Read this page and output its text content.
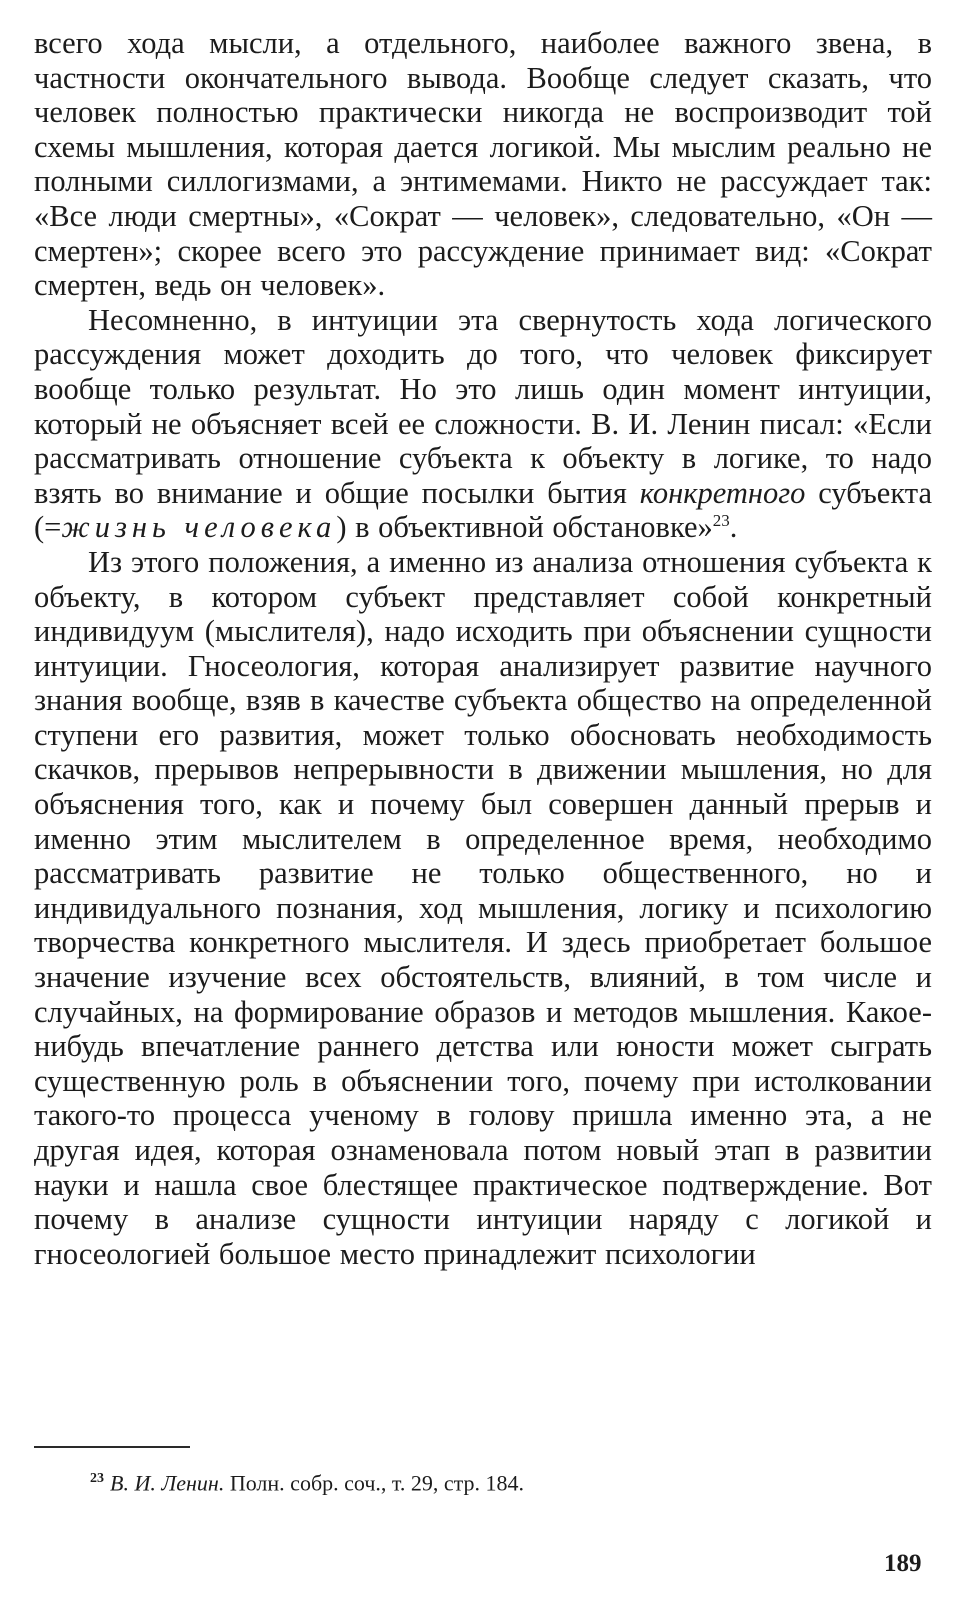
всего хода мысли, а отдельного, наиболее важного звена, в частности окончательного вывода. Вообще следует сказать, что человек полностью практически никогда не воспроизводит той схемы мышления, которая дается логикой. Мы мыслим реально не полными силлогизмами, а энтимемами. Никто не рассуждает так: «Все люди смертны», «Сократ — человек», следовательно, «Он — смертен»; скорее всего это рассуждение принимает вид: «Сократ смертен, ведь он человек».

Несомненно, в интуиции эта свернутость хода логического рассуждения может доходить до того, что человек фиксирует вообще только результат. Но это лишь один момент интуиции, который не объясняет всей ее сложности. В. И. Ленин писал: «Если рассматривать отношение субъекта к объекту в логике, то надо взять во внимание и общие посылки бытия конкретного субъекта (=жизнь человека) в объективной обстановке»$^{23}$.

Из этого положения, а именно из анализа отношения субъекта к объекту, в котором субъект представляет собой конкретный индивидуум (мыслителя), надо исходить при объяснении сущности интуиции. Гносеология, которая анализирует развитие научного знания вообще, взяв в качестве субъекта общество на определенной ступени его развития, может только обосновать необходимость скачков, прерывов непрерывности в движении мышления, но для объяснения того, как и почему был совершен данный прерыв и именно этим мыслителем в определенное время, необходимо рассматривать развитие не только общественного, но и индивидуального познания, ход мышления, логику и психологию творчества конкретного мыслителя. И здесь приобретает большое значение изучение всех обстоятельств, влияний, в том числе и случайных, на формирование образов и методов мышления. Какое-нибудь впечатление раннего детства или юности может сыграть существенную роль в объяснении того, почему при истолковании такого-то процесса ученому в голову пришла именно эта, а не другая идея, которая ознаменовала потом новый этап в развитии науки и нашла свое блестящее практическое подтверждение. Вот почему в анализе сущности интуиции наряду с логикой и гносеологией большое место принадлежит психологии

$^{23}$ В. И. Ленин. Полн. собр. соч., т. 29, стр. 184.
189
